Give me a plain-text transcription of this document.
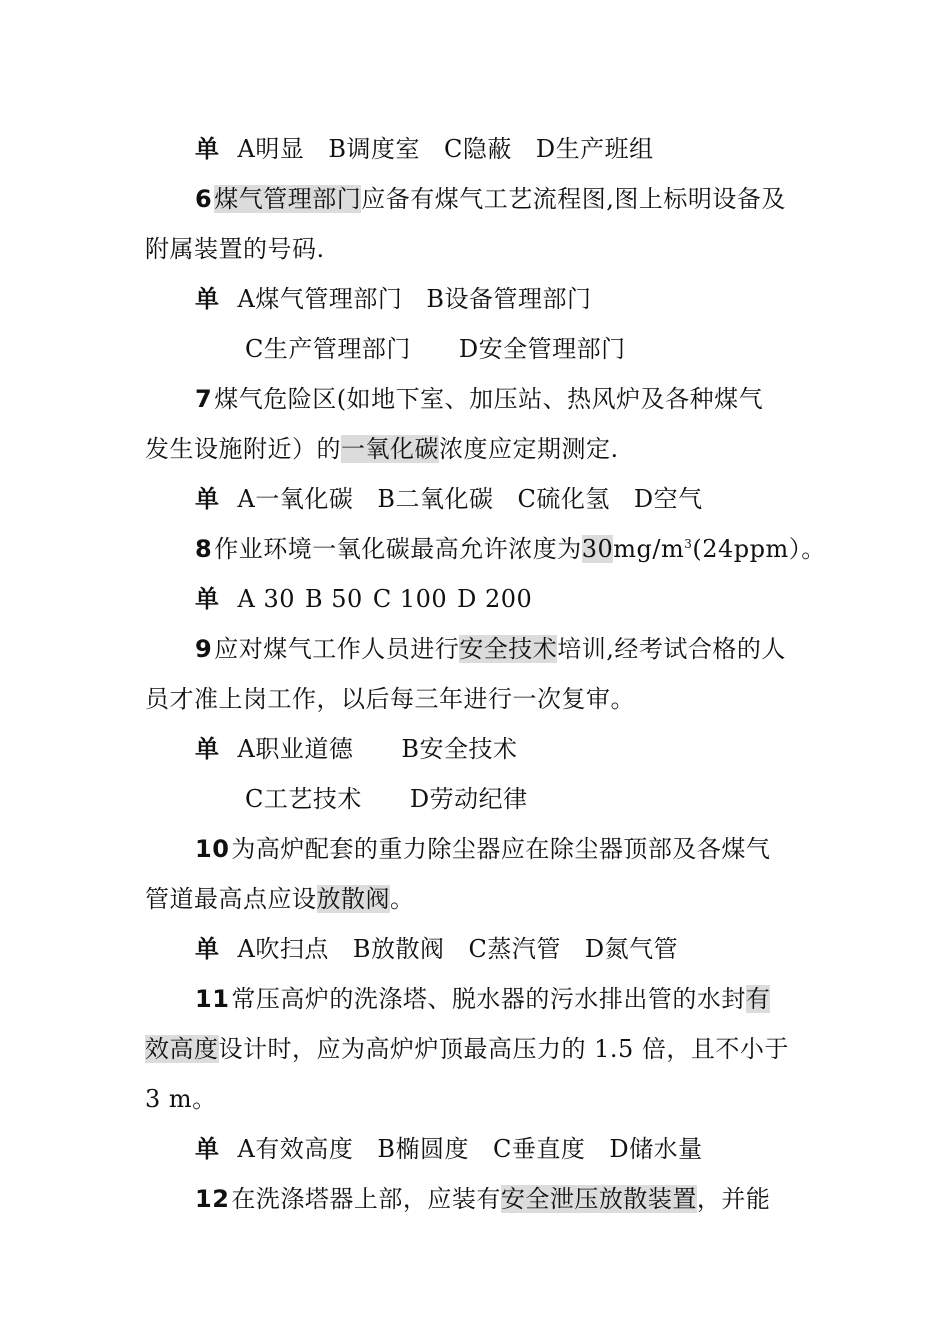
单 A明显 B调度室 C隐蔽 D生产班组
6煤气管理部门应备有煤气工艺流程图,图上标明设备及
附属装置的号码.
单 A煤气管理部门 B设备管理部门
C生产管理部门 D安全管理部门
7煤气危险区(如地下室、加压站、热风炉及各种煤气
发生设施附近）的一氧化碳浓度应定期测定.
单 A一氧化碳 B二氧化碳 C硫化氢 D空气
8作业环境一氧化碳最高允许浓度为$30mg/m^3(24ppm)$。
单 A 30 B 50 C 100 D 200
9应对煤气工作人员进行安全技术培训,经考试合格的人
员才准上岗工作，以后每三年进行一次复审。
单 A职业道德 B安全技术
C工艺技术 D劳动纪律
10为高炉配套的重力除尘器应在除尘器顶部及各煤气
管道最高点应设放散阀。
单 A吹扫点 B放散阀 C蒸汽管 D氮气管
11常压高炉的洗涤塔、脱水器的污水排出管的水封有
效高度设计时，应为高炉炉顶最高压力的 1.5 倍，且不小于
3 m。
单 A有效高度 B椭圆度 C垂直度 D储水量
12在洗涤塔器上部，应装有安全泄压放散装置，并能
